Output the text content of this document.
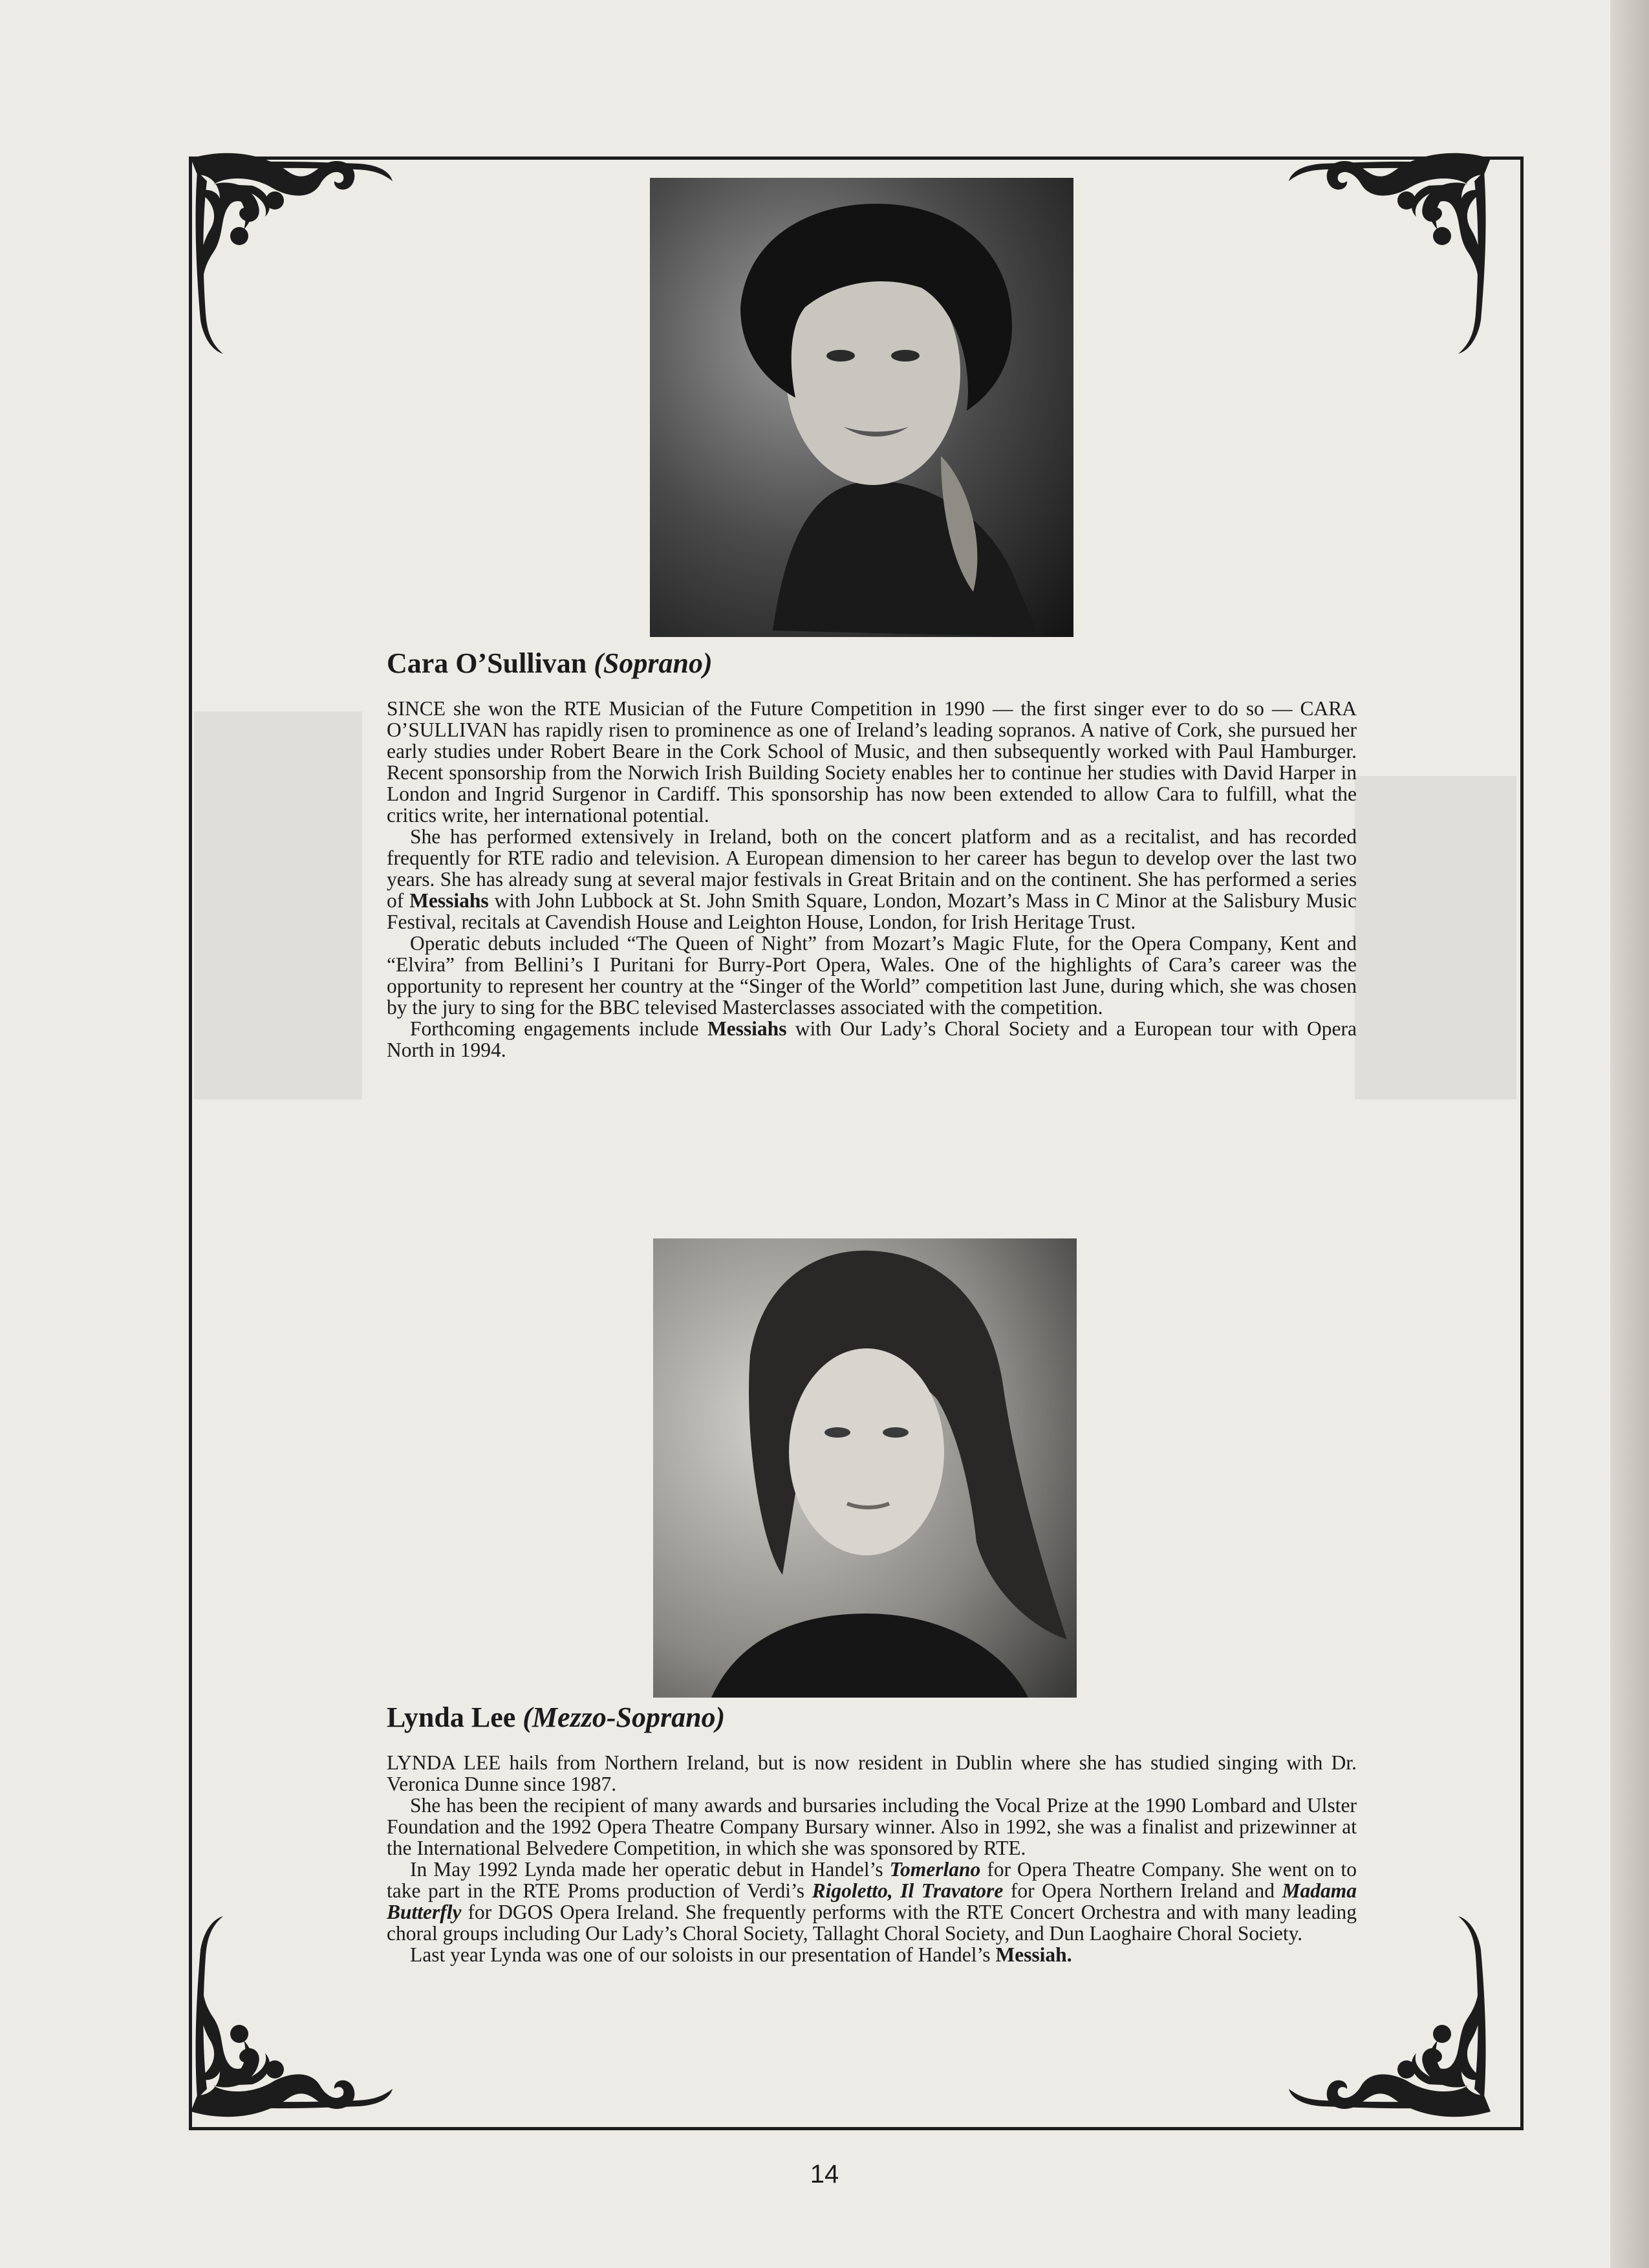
Cara O’Sullivan (Soprano)

SINCE she won the RTE Musician of the Future Competition in 1990 — the first singer ever to do so — CARA O’SULLIVAN has rapidly risen to prominence as one of Ireland’s leading sopranos. A native of Cork, she pursued her early studies under Robert Beare in the Cork School of Music, and then subsequently worked with Paul Hamburger. Recent sponsorship from the Norwich Irish Building Society enables her to continue her studies with David Harper in London and Ingrid Surgenor in Cardiff. This sponsorship has now been extended to allow Cara to fulfill, what the critics write, her international potential.

She has performed extensively in Ireland, both on the concert platform and as a recitalist, and has recorded frequently for RTE radio and television. A European dimension to her career has begun to develop over the last two years. She has already sung at several major festivals in Great Britain and on the continent. She has performed a series of Messiahs with John Lubbock at St. John Smith Square, London, Mozart’s Mass in C Minor at the Salisbury Music Festival, recitals at Cavendish House and Leighton House, London, for Irish Heritage Trust.

Operatic debuts included “The Queen of Night” from Mozart’s Magic Flute, for the Opera Company, Kent and “Elvira” from Bellini’s I Puritani for Burry-Port Opera, Wales. One of the highlights of Cara’s career was the opportunity to represent her country at the “Singer of the World” competition last June, during which, she was chosen by the jury to sing for the BBC televised Masterclasses associated with the competition.

Forthcoming engagements include Messiahs with Our Lady’s Choral Society and a European tour with Opera North in 1994.

Lynda Lee (Mezzo-Soprano)

LYNDA LEE hails from Northern Ireland, but is now resident in Dublin where she has studied singing with Dr. Veronica Dunne since 1987.

She has been the recipient of many awards and bursaries including the Vocal Prize at the 1990 Lombard and Ulster Foundation and the 1992 Opera Theatre Company Bursary winner. Also in 1992, she was a finalist and prizewinner at the International Belvedere Competition, in which she was sponsored by RTE.

In May 1992 Lynda made her operatic debut in Handel’s Tomerlano for Opera Theatre Company. She went on to take part in the RTE Proms production of Verdi’s Rigoletto, Il Travatore for Opera Northern Ireland and Madama Butterfly for DGOS Opera Ireland. She frequently performs with the RTE Concert Orchestra and with many leading choral groups including Our Lady’s Choral Society, Tallaght Choral Society, and Dun Laoghaire Choral Society.

Last year Lynda was one of our soloists in our presentation of Handel’s Messiah.

14
